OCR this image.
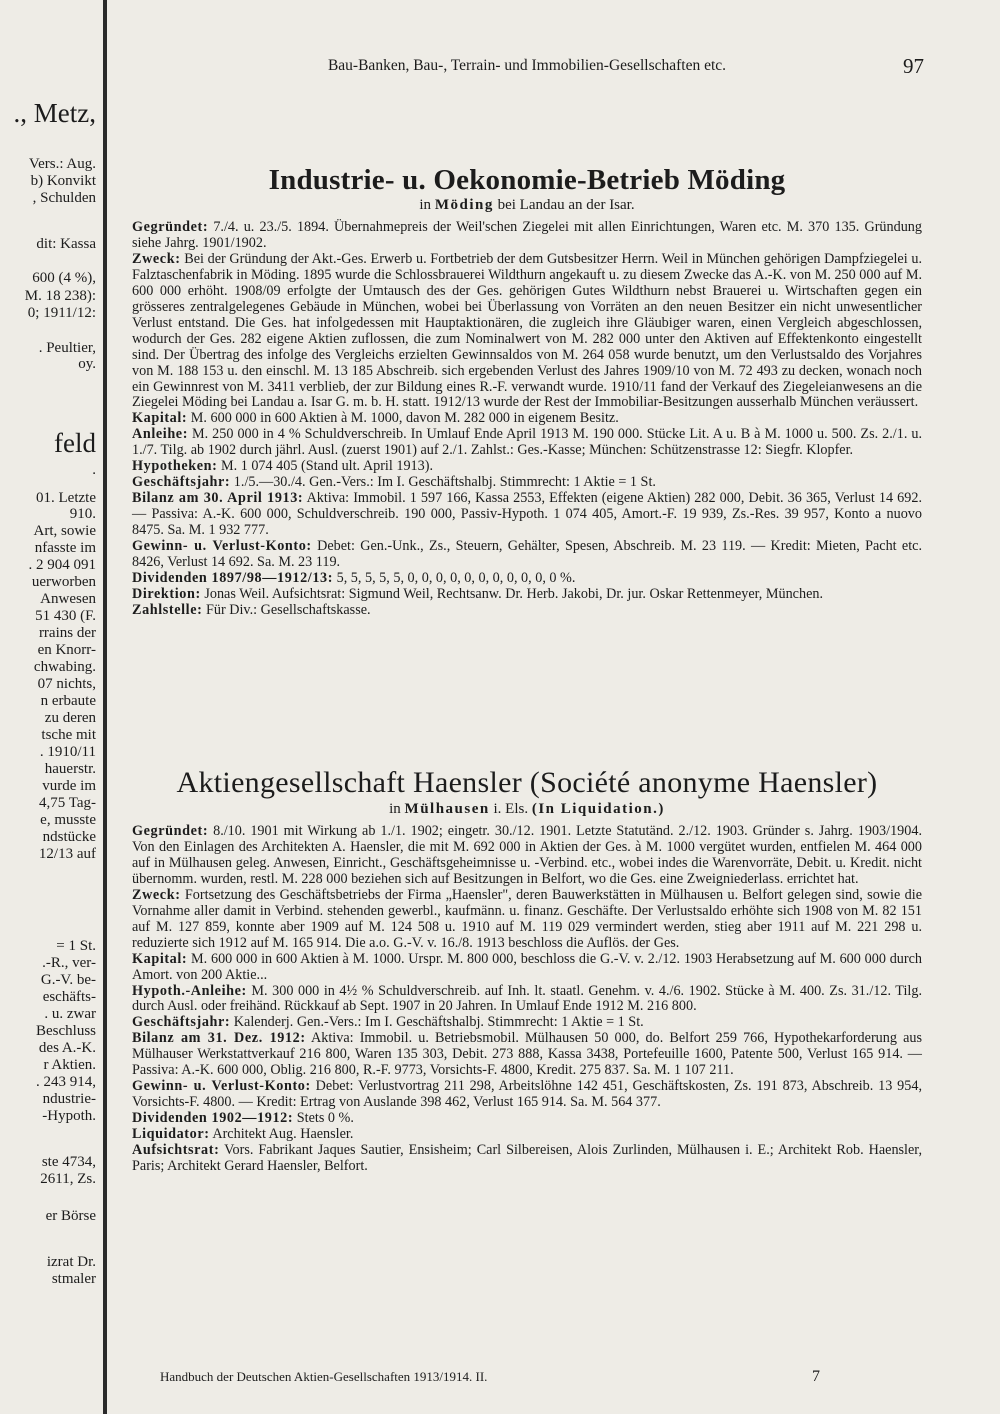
., Metz,
Vers.: Aug.
b) Konvikt
, Schulden
dit: Kassa
600 (4 %),
M. 18 238):
0; 1911/12:
. Peultier,
oy.
feld
.
01. Letzte
910.
Art, sowie
nfasste im
. 2 904 091
uerworben
Anwesen
51 430 (F.
rrains der
en Knorr-
chwabing.
07 nichts,
n erbaute
zu deren
tsche mit
. 1910/11
hauerstr.
vurde im
4,75 Tag-
e, musste
ndstücke
12/13 auf
= 1 St.
.-R., ver-
G.-V. be-
eschäfts-
. u. zwar
Beschluss
des A.-K.
r Aktien.
. 243 914,
ndustrie-
-Hypoth.
ste 4734,
2611, Zs.
er Börse
izrat Dr.
stmaler
Bau-Banken, Bau-, Terrain- und Immobilien-Gesellschaften etc.	97
Industrie- u. Oekonomie-Betrieb Möding
in Möding bei Landau an der Isar.

Gegründet: 7./4. u. 23./5. 1894. Übernahmepreis der Weil'schen Ziegelei mit allen Einrichtungen, Waren etc. M. 370 135. Gründung siehe Jahrg. 1901/1902.

Zweck: Bei der Gründung der Akt.-Ges. Erwerb u. Fortbetrieb der dem Gutsbesitzer Herrn. Weil in München gehörigen Dampfziegelei u. Falztaschenfabrik in Möding. 1895 wurde die Schlossbrauerei Wildthurn angekauft u. zu diesem Zwecke das A.-K. von M. 250 000 auf M. 600 000 erhöht. 1908/09 erfolgte der Umtausch des der Ges. gehörigen Gutes Wildthurn nebst Brauerei u. Wirtschaften gegen ein grösseres zentralgelegenes Gebäude in München, wobei bei Überlassung von Vorräten an den neuen Besitzer ein nicht unwesentlicher Verlust entstand. Die Ges. hat infolgedessen mit Hauptaktionären, die zugleich ihre Gläubiger waren, einen Vergleich abgeschlossen, wodurch der Ges. 282 eigene Aktien zuflossen, die zum Nominalwert von M. 282 000 unter den Aktiven auf Effektenkonto eingestellt sind. Der Übertrag des infolge des Vergleichs erzielten Gewinnsaldos von M. 264 058 wurde benutzt, um den Verlustsaldo des Vorjahres von M. 188 153 u. den einschl. M. 13 185 Abschreib. sich ergebenden Verlust des Jahres 1909/10 von M. 72 493 zu decken, wonach noch ein Gewinnrest von M. 3411 verblieb, der zur Bildung eines R.-F. verwandt wurde. 1910/11 fand der Verkauf des Ziegeleianwesens an die Ziegelei Möding bei Landau a. Isar G. m. b. H. statt. 1912/13 wurde der Rest der Immobiliar-Besitzungen ausserhalb München veräussert.

Kapital: M. 600 000 in 600 Aktien à M. 1000, davon M. 282 000 in eigenem Besitz.

Anleihe: M. 250 000 in 4 % Schuldverschreib. In Umlauf Ende April 1913 M. 190 000. Stücke Lit. A u. B à M. 1000 u. 500. Zs. 2./1. u. 1./7. Tilg. ab 1902 durch jährl. Ausl. (zuerst 1901) auf 2./1. Zahlst.: Ges.-Kasse; München: Schützenstrasse 12: Siegfr. Klopfer.

Hypotheken: M. 1 074 405 (Stand ult. April 1913).

Geschäftsjahr: 1./5.—30./4. Gen.-Vers.: Im I. Geschäftshalbj. Stimmrecht: 1 Aktie = 1 St.

Bilanz am 30. April 1913: Aktiva: Immobil. 1 597 166, Kassa 2553, Effekten (eigene Aktien) 282 000, Debit. 36 365, Verlust 14 692. — Passiva: A.-K. 600 000, Schuldverschreib. 190 000, Passiv-Hypoth. 1 074 405, Amort.-F. 19 939, Zs.-Res. 39 957, Konto a nuovo 8475. Sa. M. 1 932 777.

Gewinn- u. Verlust-Konto: Debet: Gen.-Unk., Zs., Steuern, Gehälter, Spesen, Abschreib. M. 23 119. — Kredit: Mieten, Pacht etc. 8426, Verlust 14 692. Sa. M. 23 119.

Dividenden 1897/98—1912/13: 5, 5, 5, 5, 5, 0, 0, 0, 0, 0, 0, 0, 0, 0, 0, 0 %.

Direktion: Jonas Weil. Aufsichtsrat: Sigmund Weil, Rechtsanw. Dr. Herb. Jakobi, Dr. jur. Oskar Rettenmeyer, München.

Zahlstelle: Für Div.: Gesellschaftskasse.

Aktiengesellschaft Haensler (Société anonyme Haensler)
in Mülhausen i. Els. (In Liquidation.)

Gegründet: 8./10. 1901 mit Wirkung ab 1./1. 1902; eingetr. 30./12. 1901. Letzte Statutänd. 2./12. 1903. Gründer s. Jahrg. 1903/1904. Von den Einlagen des Architekten A. Haensler, die mit M. 692 000 in Aktien der Ges. à M. 1000 vergütet wurden, entfielen M. 464 000 auf in Mülhausen geleg. Anwesen, Einricht., Geschäftsgeheimnisse u. -Verbind. etc., wobei indes die Warenvorräte, Debit. u. Kredit. nicht übernomm. wurden, restl. M. 228 000 beziehen sich auf Besitzungen in Belfort, wo die Ges. eine Zweigniederlass. errichtet hat.

Zweck: Fortsetzung des Geschäftsbetriebs der Firma „Haensler", deren Bauwerkstätten in Mülhausen u. Belfort gelegen sind, sowie die Vornahme aller damit in Verbind. stehenden gewerbl., kaufmänn. u. finanz. Geschäfte. Der Verlustsaldo erhöhte sich 1908 von M. 82 151 auf M. 127 859, konnte aber 1909 auf M. 124 508 u. 1910 auf M. 119 029 vermindert werden, stieg aber 1911 auf M. 221 298 u. reduzierte sich 1912 auf M. 165 914. Die a.o. G.-V. v. 16./8. 1913 beschloss die Auflös. der Ges.

Kapital: M. 600 000 in 600 Aktien à M. 1000. Urspr. M. 800 000, beschloss die G.-V. v. 2./12. 1903 Herabsetzung auf M. 600 000 durch Amort. von 200 Aktie...

Hypoth.-Anleihe: M. 300 000 in 4½ % Schuldverschreib. auf Inh. lt. staatl. Genehm. v. 4./6. 1902. Stücke à M. 400. Zs. 31./12. Tilg. durch Ausl. oder freihänd. Rückkauf ab Sept. 1907 in 20 Jahren. In Umlauf Ende 1912 M. 216 800.

Geschäftsjahr: Kalenderj. Gen.-Vers.: Im I. Geschäftshalbj. Stimmrecht: 1 Aktie = 1 St.

Bilanz am 31. Dez. 1912: Aktiva: Immobil. u. Betriebsmobil. Mülhausen 50 000, do. Belfort 259 766, Hypothekarforderung aus Mülhauser Werkstattverkauf 216 800, Waren 135 303, Debit. 273 888, Kassa 3438, Portefeuille 1600, Patente 500, Verlust 165 914. — Passiva: A.-K. 600 000, Oblig. 216 800, R.-F. 9773, Vorsichts-F. 4800, Kredit. 275 837. Sa. M. 1 107 211.

Gewinn- u. Verlust-Konto: Debet: Verlustvortrag 211 298, Arbeitslöhne 142 451, Geschäftskosten, Zs. 191 873, Abschreib. 13 954, Vorsichts-F. 4800. — Kredit: Ertrag von Auslande 398 462, Verlust 165 914. Sa. M. 564 377.

Dividenden 1902—1912: Stets 0 %.

Liquidator: Architekt Aug. Haensler.

Aufsichtsrat: Vors. Fabrikant Jaques Sautier, Ensisheim; Carl Silbereisen, Alois Zurlinden, Mülhausen i. E.; Architekt Rob. Haensler, Paris; Architekt Gerard Haensler, Belfort.

Handbuch der Deutschen Aktien-Gesellschaften 1913/1914. II.	7
